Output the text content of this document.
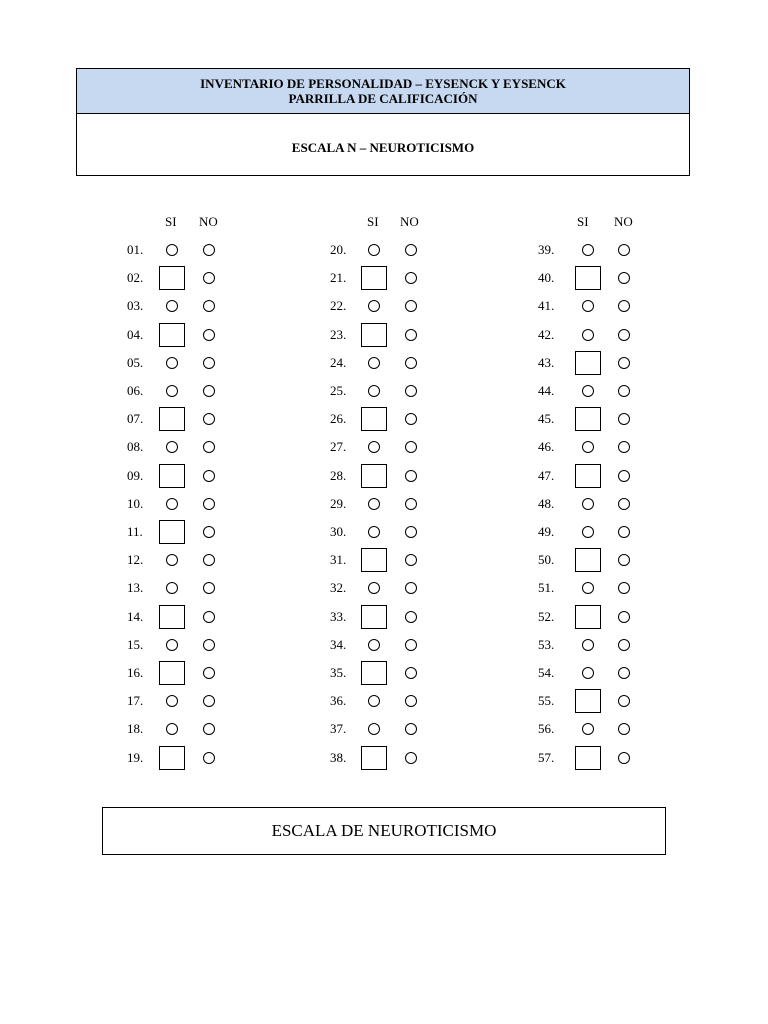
INVENTARIO DE PERSONALIDAD – EYSENCK Y EYSENCK
PARRILLA DE CALIFICACIÓN
ESCALA N – NEUROTICISMO
SI NO	SI NO	SI NO
01.
02.
03.
04.
05.
06.
07.
08.
09.
10.
11.
12.
13.
14.
15.
16.
17.
18.
19.
20.
21.
22.
23.
24.
25.
26.
27.
28.
29.
30.
31.
32.
33.
34.
35.
36.
37.
38.
39.
40.
41.
42.
43.
44.
45.
46.
47.
48.
49.
50.
51.
52.
53.
54.
55.
56.
57.
ESCALA DE NEUROTICISMO
